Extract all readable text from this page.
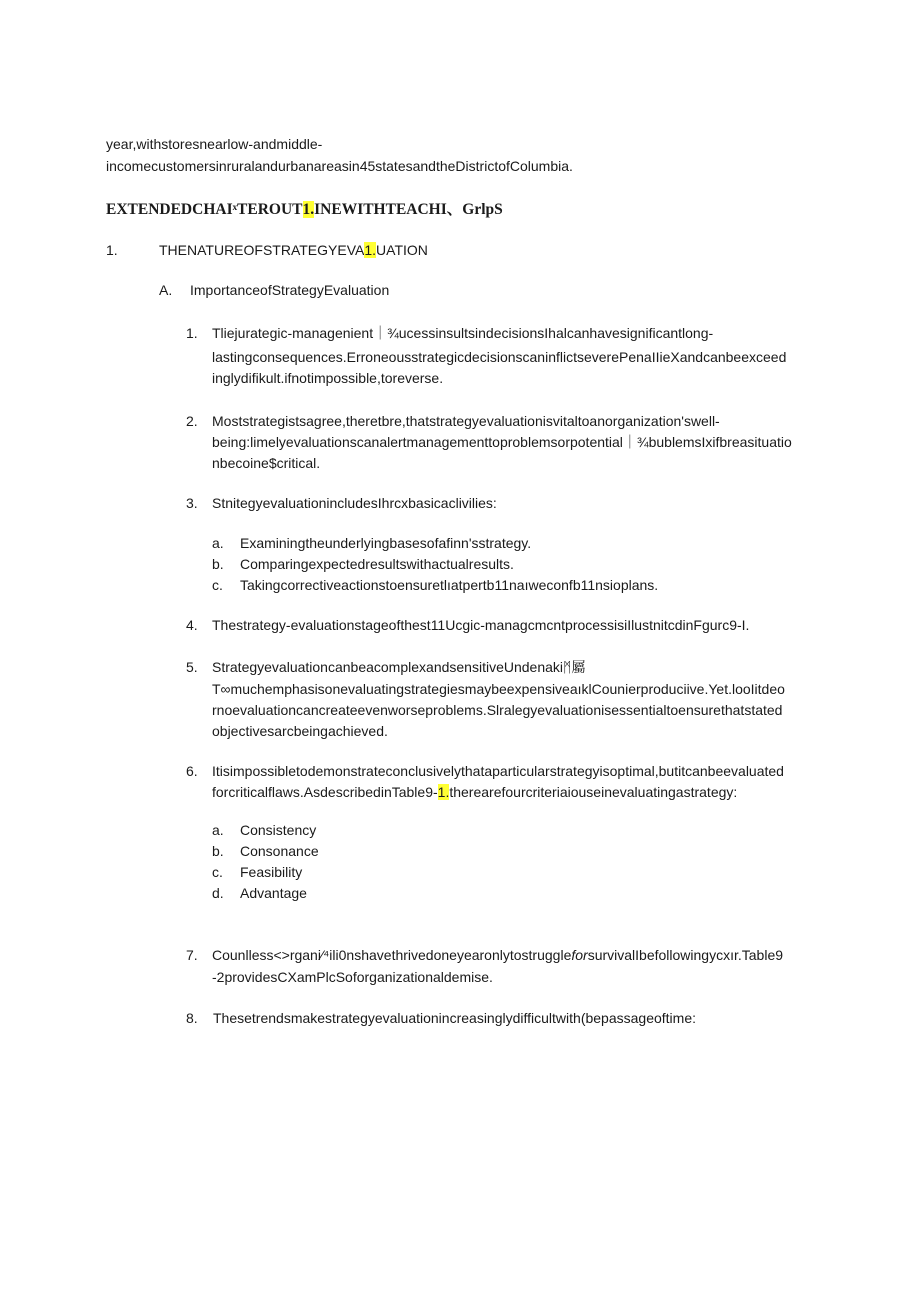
year,withstoresnearlow-andmiddle-
incomecustomersinruralandurbanareasin45statesandtheDistrictofColumbia.
EXTENDEDCHAIˣTEROUT1.INEWITHTEACHI、GrlpS
1.	THENATUREOFSTRATEGYEVA1.UATION
A. ImportanceofStrategyEvaluation
1. Tliejurategic-managenient｜¾ucessinsultsindecisionsIhalcanhavesignificantlong-
lastingconsequences.ErroneousstrategicdecisionscaninflictseverePenaIIieXandcanbeexceed
inglydifikult.ifnotimpossible,toreverse.
2. Moststrategistsagree,theretbre,thatstrategyevaluationisvitaltoanorganization'swell-
being:limelyevaluationscanalertmanagementtoproblemsorpotential｜¾bublemsIxifbreasituatio
nbecoine$critical.
3. StnitegyevaluationincludesIhrcxbasicaclivilies:
a. Examiningtheunderlyingbasesofafinn'sstrategy.
b. Comparingexpectedresultswithactualresults.
c. Takingcorrectiveactionstoensuretlıatpertb11naıweconfb11nsioplans.
4. Thestrategy-evaluationstageofthest11Ucgic-managcmcntprocessisiIlustnitcdinFgurc9-I.
5. StrategyevaluationcanbeacomplexandsensitiveUndenakiᛗ屬
T∞muchemphasisonevaluatingstrategiesmaybeexpensiveaıklCounierproduciive.Yet.looIitdeo
rnoevaluationcancreateevenworseproblems.Slralegyevaluationisessentialtoensurethatstated
objectivesarcbeingachieved.
6. Itisimpossibletodemonstrateconclusivelythataparticularstrategyisoptimal,butitcanbeevaluated
forcriticalflaws.AsdescribedinTable9-1.therearefourcriteriaiouseinevaluatingastrategy:
a. Consistency
b. Consonance
c. Feasibility
d. Advantage
7. Counlless<>rgani⁄⁴ili0nshavethrivedoneyearonlytostruggleforsurvivalIbefollowingycxır.Table9
-2providesCXamPlcSoforganizationaldemise.
8. Thesetrendsmakestrategyevaluationincreasinglydifficultwith(bepassageoftime:
